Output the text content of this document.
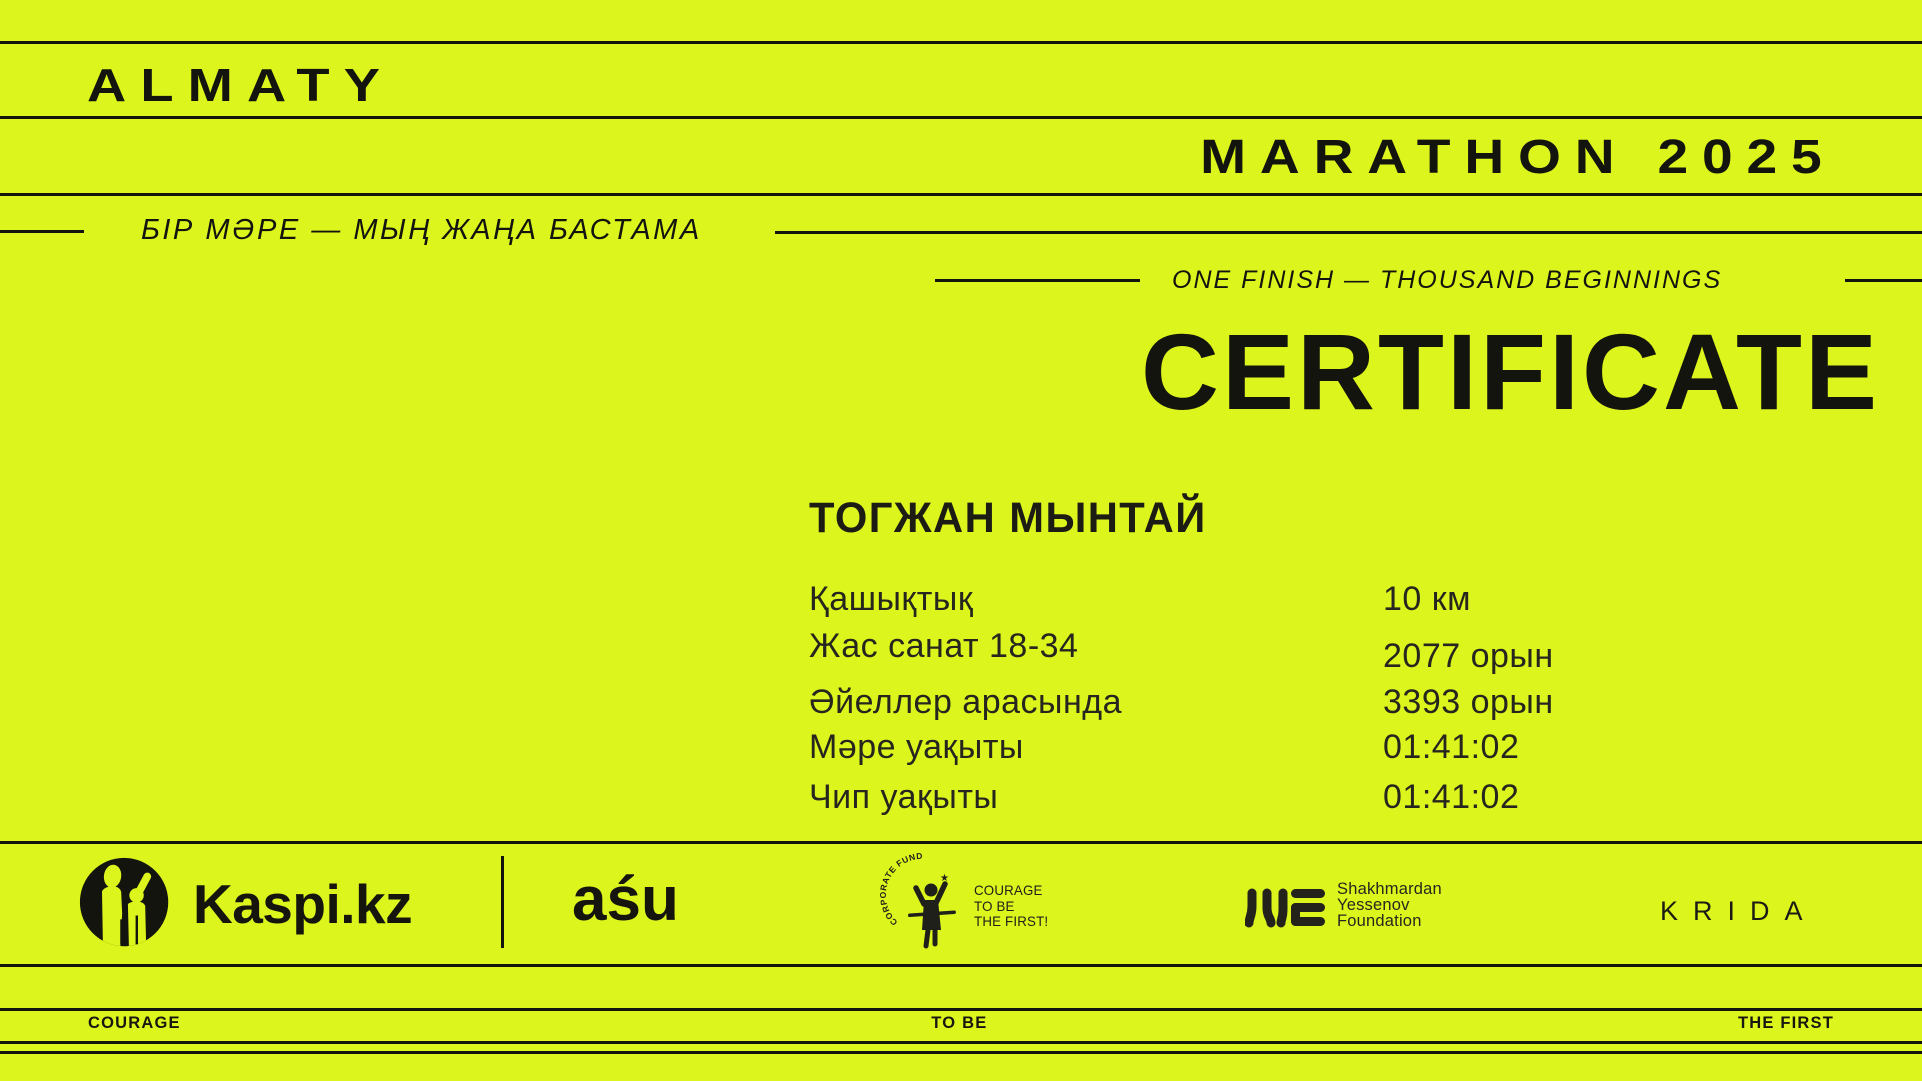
ALMATY
MARATHON 2025
БІР МӘРЕ — МЫҢ ЖАҢА БАСТАМА
ONE FINISH — THOUSAND BEGINNINGS
CERTIFICATE
ТОГЖАН МЫНТАЙ
Қашықтық	10 км
Жас санат 18-34	2077 орын
Әйеллер арасында	3393 орын
Мәре уақыты	01:41:02
Чип уақыты	01:41:02
Kaspi.kz	aśu	CORPORATE FUND
★
COURAGE
TO BE
THE FIRST!
Shakhmardan
Yessenov
Foundation	KRIDA
COURAGE	TO BE	THE FIRST
